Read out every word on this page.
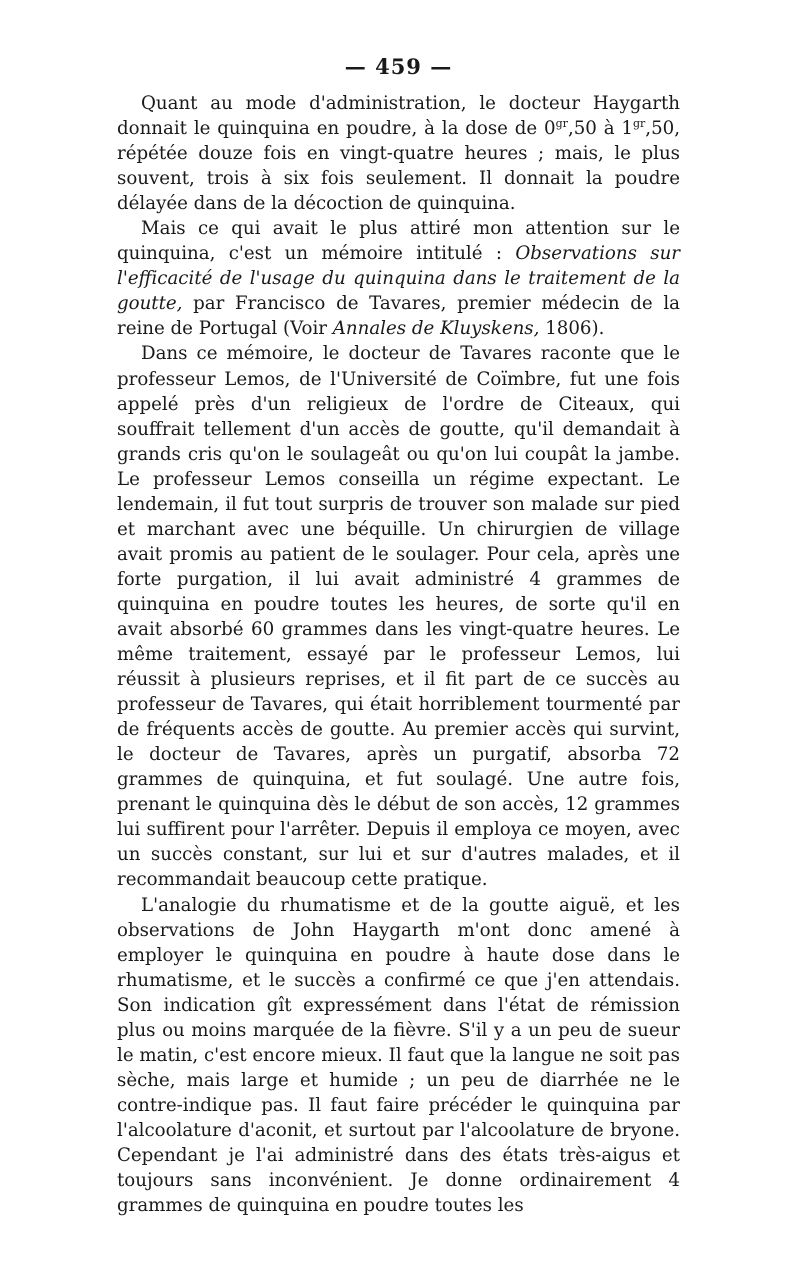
— 459 —

Quant au mode d'administration, le docteur Haygarth donnait le quinquina en poudre, à la dose de $0^{gr},50$ à $1^{gr},50$, répétée douze fois en vingt-quatre heures ; mais, le plus souvent, trois à six fois seulement. Il donnait la poudre délayée dans de la décoction de quinquina.

Mais ce qui avait le plus attiré mon attention sur le quinquina, c'est un mémoire intitulé : Observations sur l'efficacité de l'usage du quinquina dans le traitement de la goutte, par Francisco de Tavares, premier médecin de la reine de Portugal (Voir Annales de Kluyskens, 1806).

Dans ce mémoire, le docteur de Tavares raconte que le professeur Lemos, de l'Université de Coïmbre, fut une fois appelé près d'un religieux de l'ordre de Citeaux, qui souffrait tellement d'un accès de goutte, qu'il demandait à grands cris qu'on le soulageât ou qu'on lui coupât la jambe. Le professeur Lemos conseilla un régime expectant. Le lendemain, il fut tout surpris de trouver son malade sur pied et marchant avec une béquille. Un chirurgien de village avait promis au patient de le soulager. Pour cela, après une forte purgation, il lui avait administré 4 grammes de quinquina en poudre toutes les heures, de sorte qu'il en avait absorbé 60 grammes dans les vingt-quatre heures. Le même traitement, essayé par le professeur Lemos, lui réussit à plusieurs reprises, et il fit part de ce succès au professeur de Tavares, qui était horriblement tourmenté par de fréquents accès de goutte. Au premier accès qui survint, le docteur de Tavares, après un purgatif, absorba 72 grammes de quinquina, et fut soulagé. Une autre fois, prenant le quinquina dès le début de son accès, 12 grammes lui suffirent pour l'arrêter. Depuis il employa ce moyen, avec un succès constant, sur lui et sur d'autres malades, et il recommandait beaucoup cette pratique.

L'analogie du rhumatisme et de la goutte aiguë, et les observations de John Haygarth m'ont donc amené à employer le quinquina en poudre à haute dose dans le rhumatisme, et le succès a confirmé ce que j'en attendais. Son indication gît expressément dans l'état de rémission plus ou moins marquée de la fièvre. S'il y a un peu de sueur le matin, c'est encore mieux. Il faut que la langue ne soit pas sèche, mais large et humide ; un peu de diarrhée ne le contre-indique pas. Il faut faire précéder le quinquina par l'alcoolature d'aconit, et surtout par l'alcoolature de bryone. Cependant je l'ai administré dans des états très-aigus et toujours sans inconvénient. Je donne ordinairement 4 grammes de quinquina en poudre toutes les
